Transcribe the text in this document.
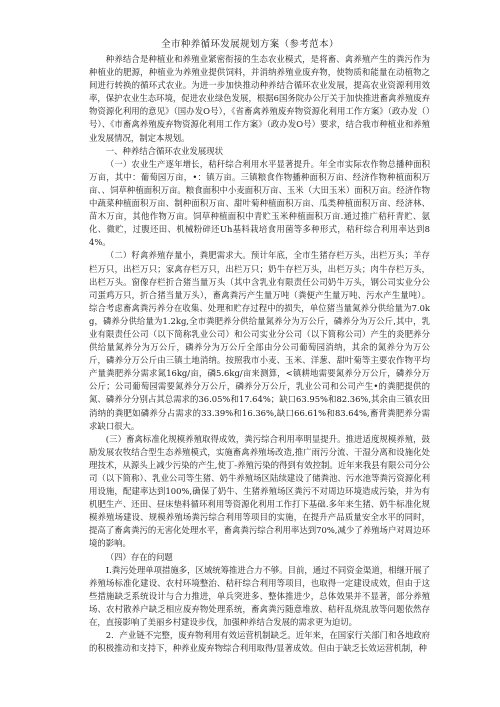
全市种养循环发展规划方案（参考范本）

种养结合是种植业和养殖业紧密衔接的生态农业模式，是将畜、禽养殖产生的粪污作为种植业的肥源，种植业为养殖业提供饲料，并消纳养殖业废弃物，使物质和能量在动植物之间进行转换的循环式农业。为进一步加快推动种养结合循环农业发展，提高农业资源利用效率，保护农业生态环境，促进农业绿色发展，根据6国务院办公厅关于加快推进畜禽养殖废弃物资源化利用的意见》（国办发O号），《省畜禽养殖废弃物资源化利用工作方案》（政办发（）号）、《市畜禽养殖废弃物资源化利用工作方案》（政办发O号）要求，结合我市种植业和养殖业发展情况，制定本规划。

一、种养结合循环农业发展现状

（一）农业生产逐年增长，秸秆综合利用水平显著提升。年全市实际农作物总播种面积万亩，其中：葡萄园万亩，•：镇万亩。三镇粮食作物播种面积万亩、经济作物种植面积万亩、、饲草种植面积万亩。粮食面积中小麦面积万亩、玉米（大田玉米）面积万亩。经济作物中蔬菜种植面积万亩、制种面积万亩、甜叶菊种植面积万亩、瓜类种植面积万亩、经济林、苗木万亩，其他作物万亩。饲草种植面积中青贮玉米种植面积万亩.通过推广秸秆青贮、氨化、微贮，过腹还田、机械粉碎还Uh基料栽培食用菌等多种形式，秸秆综合利用率达到84%。

（二）籽禽养殖存量小，粪肥需求大。预计年底，全市生猪存栏万头，出栏万头；羊存栏万只，出栏万只；家禽存栏万只，出栏万只；奶牛存栏万头，出栏万头；肉牛存栏万头，出栏万头。窗像存栏折合猪当量万头（其中含乳业有限责任公司奶牛万头，钢公司实业分公司蛋鸡万只，折合猪当量万头），畜禽粪污产生量万吨（粪便产生量万吨、污水产生量吨）。综合考虑畜禽粪污养分在收集、处理和贮存过程中的损失，单位猪当量氮养分供给量为7.0kg，磷养分供给量为1.2kg,全市粪肥养分供给量氮养分为万公斤，磷养分为万公斤,其中，乳业有限责任公司（以下简称乳业公司）和公司实业分公司（以下简称公司）产生的炎肥养分供给量氮养分为万公斤，磷养分为万公斤全部由分公司葡萄园消纳，其余的氮养分为万公斤，磷养分万公斤由三镇土地消纳。按照我市小麦、玉米、洋葱、甜叶菊等主要农作物平均产量粪肥养分需求氮16kg/亩，磷5.6kg/亩来测算，<镇耕地需要氮养分万公斤，磷养分万公斤；公司葡萄园需要氮养分万公斤，磷养分万公斤，乳业公司和公司产生•的粪肥提供的氮、磷养分分别占其总需求的36.05%和17.64%；缺口63.95%和82.36%,其余由三镇农田消纳的粪肥如磷养分占需求的33.39%和16.36%,缺口66.61%和83.64%,畜背粪肥养分需求缺口很大。

(三）畜禽标准化规模养殖取得成效，粪污综合利用率明显提升。推进适度规模养殖，鼓励发展农牧结合型生态养殖模式，实施畜禽养殖场改造,推广雨污分流、干湿分离和设施化处理技术，从源头上减少污染的产生,使丁-养殖污染的得到有效控制。近年来我县有限公司分公司（以下简称）、乳业公司等生猪、奶牛养殖场区陆续建设了储粪池、污水池等粪污资源化利用设施，配建率达到100%,确保了奶牛、生猪养殖场区粪污不对周边环境造成污染，并为有机肥生产、还田、昼床垫料循环利用等资源化利用工作打下基础.多年来生猪、奶牛标准化规模养殖场建设、规模养殖场粪污综合利用等项目的实施，在提升产品质量安全水平的同时，提高了畜禽粪污的无害化处理水平，畜禽粪污综合利用率达到70%,减少了养殖场户对周边环境的影响。

（四）存在的问题

I.粪污处理单项措施多，区域统筹推进合力不够。目前，通过不同资金渠道，相继开展了养殖场标准化建设、农村环境整治、秸秆综合利用等项目，也取得一定建设成效，但由于这些措施缺乏系统设计与合力推进，单兵突进多、整体推进少，总体效果并不显著，部分养殖场、农村散养户缺乏相应废弃物处理系统，畜禽粪污随意堆放、秸秆乱烧乱放等问题依然存在，直接影响了美丽乡村建设步伐，加强种养结合发展的需求更为迫切。

2．产业链不完整，废弃物利用有效运营机制缺乏。近年来，在国家行关部门和各地政府的积极推动和支持下，种养业废弃物综合利用取得/显著成效。但由于缺乏长效运营机制，种
